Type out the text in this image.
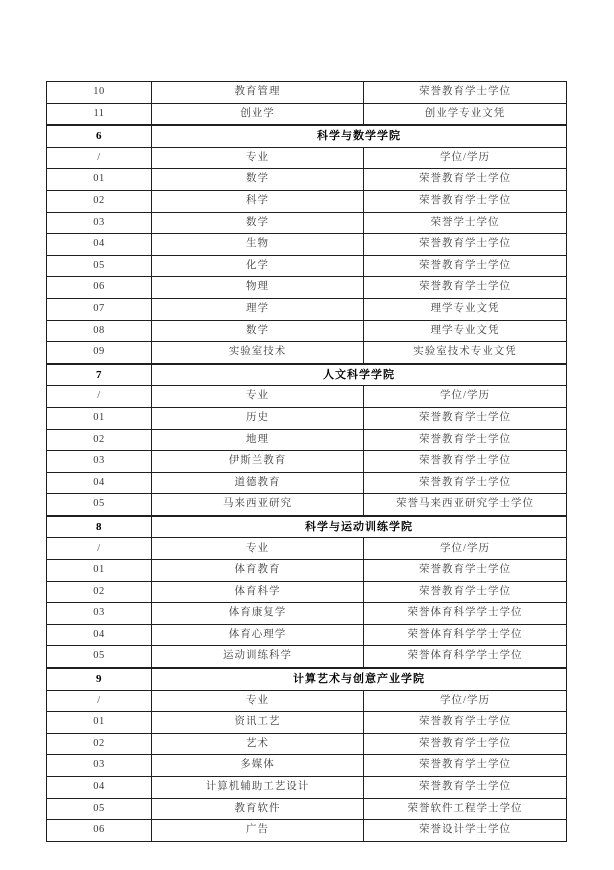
10	教育管理	荣誉教育学士学位
11	创业学	创业学专业文凭
6	科学与数学学院	
/	专业	学位/学历
01	数学	荣誉教育学士学位
02	科学	荣誉教育学士学位
03	数学	荣誉学士学位
04	生物	荣誉教育学士学位
05	化学	荣誉教育学士学位
06	物理	荣誉教育学士学位
07	理学	理学专业文凭
08	数学	理学专业文凭
09	实验室技术	实验室技术专业文凭
7	人文科学学院	
/	专业	学位/学历
01	历史	荣誉教育学士学位
02	地理	荣誉教育学士学位
03	伊斯兰教育	荣誉教育学士学位
04	道德教育	荣誉教育学士学位
05	马来西亚研究	荣誉马来西亚研究学士学位
8	科学与运动训练学院	
/	专业	学位/学历
01	体育教育	荣誉教育学士学位
02	体育科学	荣誉教育学士学位
03	体育康复学	荣誉体育科学学士学位
04	体育心理学	荣誉体育科学学士学位
05	运动训练科学	荣誉体育科学学士学位
9	计算艺术与创意产业学院	
/	专业	学位/学历
01	资讯工艺	荣誉教育学士学位
02	艺术	荣誉教育学士学位
03	多媒体	荣誉教育学士学位
04	计算机辅助工艺设计	荣誉教育学士学位
05	教育软件	荣誉软件工程学士学位
06	广告	荣誉设计学士学位
